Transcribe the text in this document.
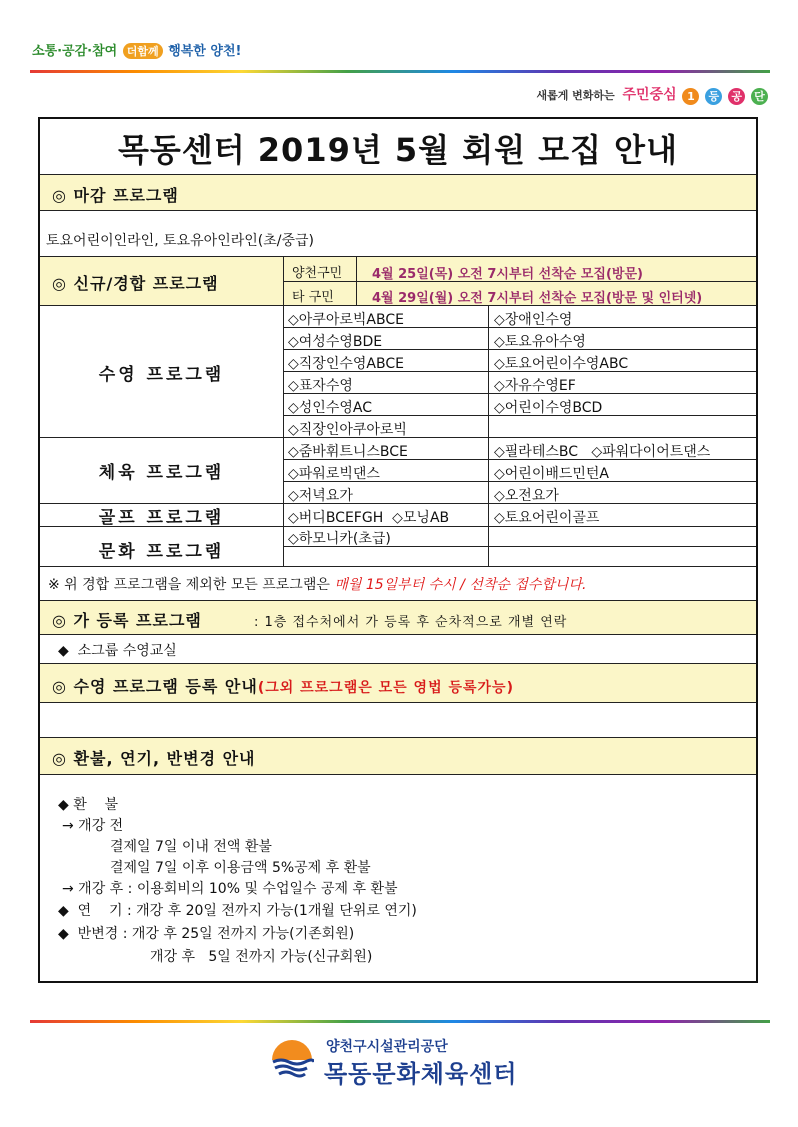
소통·공감·참여 더함께 행복한 양천!
새롭게 변화하는 주민중심 1 등 공 단
목동센터 2019년 5월 회원 모집 안내
◎ 마감 프로그램
토요어린이인라인, 토요유아인라인(초/중급)
◎ 신규/경합 프로그램
양천구민 4월 25일(목) 오전 7시부터 선착순 모집(방문)
타 구민	4월 29일(월) 오전 7시부터 선착순 모집(방문 및 인터넷)
수영 프로그램
◇아쿠아로빅ABCE	◇장애인수영
◇여성수영BDE	◇토요유아수영
◇직장인수영ABCE	◇토요어린이수영ABC
◇표자수영	◇자유수영EF
◇성인수영AC	◇어린이수영BCD
◇직장인아쿠아로빅
체육 프로그램
◇줌바휘트니스BCE	◇필라테스BC   ◇파워다이어트댄스
◇파워로빅댄스	◇어린이배드민턴A
◇저녁요가	◇오전요가
골프 프로그램	◇버디BCEFGH  ◇모닝AB	◇토요어린이골프
문화 프로그램
◇하모니카(초급)
※ 위 경합 프로그램을 제외한 모든 프로그램은 매월 15일부터 수시 / 선착순 접수합니다.
◎ 가 등록 프로그램	: 1층 접수처에서 가 등록 후 순차적으로 개별 연락
◆  소그룹 수영교실
◎ 수영 프로그램 등록 안내(그외 프로그램은 모든 영법 등록가능)
◎ 환불, 연기, 반변경 안내
◆ 환    불
→ 개강 전
결제일 7일 이내 전액 환불
결제일 7일 이후 이용금액 5%공제 후 환불
→ 개강 후 : 이용회비의 10% 및 수업일수 공제 후 환불
◆  연    기 : 개강 후 20일 전까지 가능(1개월 단위로 연기)
◆  반변경 : 개강 후 25일 전까지 가능(기존회원)
개강 후   5일 전까지 가능(신규회원)
양천구시설관리공단
목동문화체육센터
